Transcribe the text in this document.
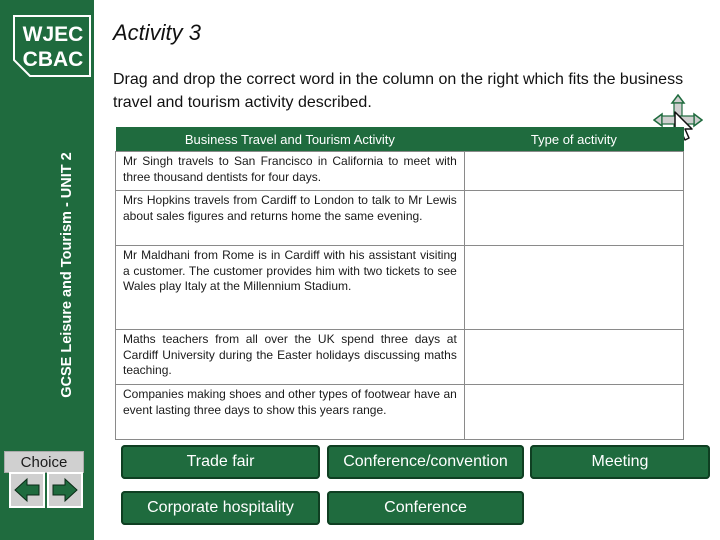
WJEC
CBAC
GCSE Leisure and Tourism - UNIT 2
Choice
Activity 3
Drag and drop the correct word in the column on the right which fits the business travel and tourism activity described.
Business Travel and Tourism Activity	Type of activity
Mr Singh travels to San Francisco in California to meet with three thousand dentists for four days.	
Mrs Hopkins travels from Cardiff to London to talk to Mr Lewis about sales figures and returns home the same evening.	
Mr Maldhani from Rome is in Cardiff with his assistant visiting a customer. The customer provides him with two tickets to see Wales play Italy at the Millennium Stadium.	
Maths teachers from all over the UK spend three days at Cardiff University during the Easter holidays discussing maths teaching.	
Companies making shoes and other types of footwear have an event lasting three days to show this years range.	
Trade fair	Conference/convention	Meeting
Corporate hospitality	Conference
